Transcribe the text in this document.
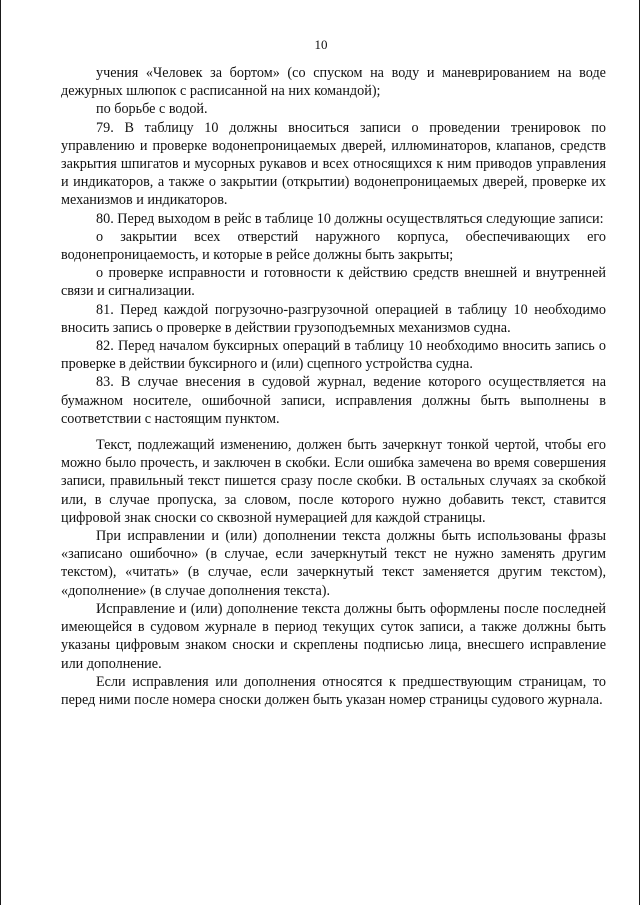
10

учения «Человек за бортом» (со спуском на воду и маневрированием на воде дежурных шлюпок с расписанной на них командой);

по борьбе с водой.

79. В таблицу 10 должны вноситься записи о проведении тренировок по управлению и проверке водонепроницаемых дверей, иллюминаторов, клапанов, средств закрытия шпигатов и мусорных рукавов и всех относящихся к ним приводов управления и индикаторов, а также о закрытии (открытии) водонепроницаемых дверей, проверке их механизмов и индикаторов.

80. Перед выходом в рейс в таблице 10 должны осуществляться следующие записи:

о закрытии всех отверстий наружного корпуса, обеспечивающих его водонепроницаемость, и которые в рейсе должны быть закрыты;

о проверке исправности и готовности к действию средств внешней и внутренней связи и сигнализации.

81. Перед каждой погрузочно-разгрузочной операцией в таблицу 10 необходимо вносить запись о проверке в действии грузоподъемных механизмов судна.

82. Перед началом буксирных операций в таблицу 10 необходимо вносить запись о проверке в действии буксирного и (или) сцепного устройства судна.

83. В случае внесения в судовой журнал, ведение которого осуществляется на бумажном носителе, ошибочной записи, исправления должны быть выполнены в соответствии с настоящим пунктом.

Текст, подлежащий изменению, должен быть зачеркнут тонкой чертой, чтобы его можно было прочесть, и заключен в скобки. Если ошибка замечена во время совершения записи, правильный текст пишется сразу после скобки. В остальных случаях за скобкой или, в случае пропуска, за словом, после которого нужно добавить текст, ставится цифровой знак сноски со сквозной нумерацией для каждой страницы.

При исправлении и (или) дополнении текста должны быть использованы фразы «записано ошибочно» (в случае, если зачеркнутый текст не нужно заменять другим текстом), «читать» (в случае, если зачеркнутый текст заменяется другим текстом), «дополнение» (в случае дополнения текста).

Исправление и (или) дополнение текста должны быть оформлены после последней имеющейся в судовом журнале в период текущих суток записи, а также должны быть указаны цифровым знаком сноски и скреплены подписью лица, внесшего исправление или дополнение.

Если исправления или дополнения относятся к предшествующим страницам, то перед ними после номера сноски должен быть указан номер страницы судового журнала.
